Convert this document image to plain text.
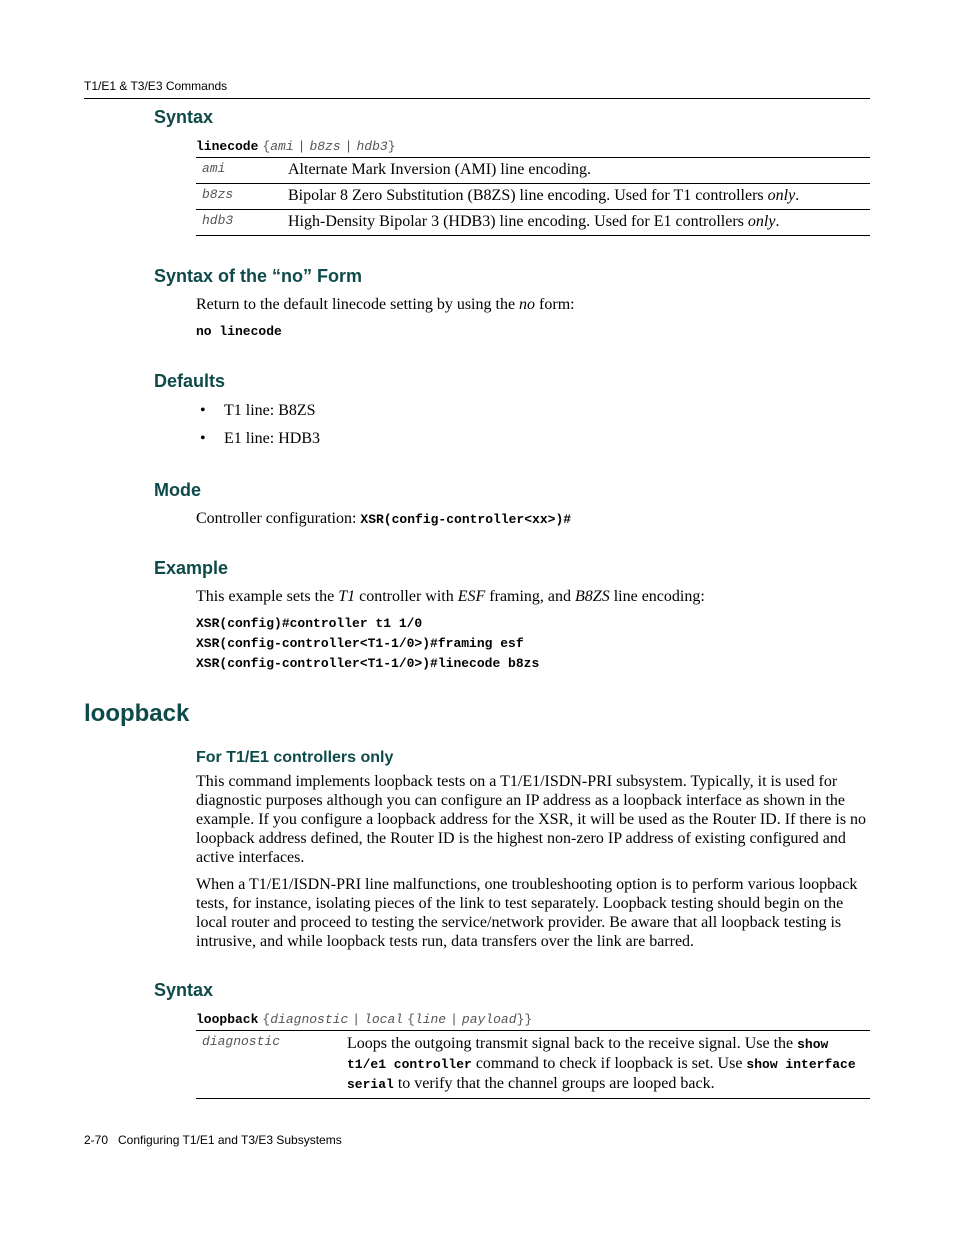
T1/E1 & T3/E3 Commands
Syntax
linecode {ami | b8zs | hdb3}
ami	Alternate Mark Inversion (AMI) line encoding.
b8zs	Bipolar 8 Zero Substitution (B8ZS) line encoding. Used for T1 controllers only.
hdb3	High-Density Bipolar 3 (HDB3) line encoding. Used for E1 controllers only.
Syntax of the “no” Form
Return to the default linecode setting by using the no form:
no linecode
Defaults
• T1 line: B8ZS
• E1 line: HDB3
Mode
Controller configuration: XSR(config-controller<xx>)#
Example
This example sets the T1 controller with ESF framing, and B8ZS line encoding:
XSR(config)#controller t1 1/0
XSR(config-controller<T1-1/0>)#framing esf
XSR(config-controller<T1-1/0>)#linecode b8zs
loopback
For T1/E1 controllers only
This command implements loopback tests on a T1/E1/ISDN-PRI subsystem. Typically, it is used for diagnostic purposes although you can configure an IP address as a loopback interface as shown in the example. If you configure a loopback address for the XSR, it will be used as the Router ID. If there is no loopback address defined, the Router ID is the highest non-zero IP address of existing configured and active interfaces.
When a T1/E1/ISDN-PRI line malfunctions, one troubleshooting option is to perform various loopback tests, for instance, isolating pieces of the link to test separately. Loopback testing should begin on the local router and proceed to testing the service/network provider. Be aware that all loopback testing is intrusive, and while loopback tests run, data transfers over the link are barred.
Syntax
loopback {diagnostic | local {line | payload}}
diagnostic	Loops the outgoing transmit signal back to the receive signal. Use the show t1/e1 controller command to check if loopback is set. Use show interface serial to verify that the channel groups are looped back.
2-70   Configuring T1/E1 and T3/E3 Subsystems
